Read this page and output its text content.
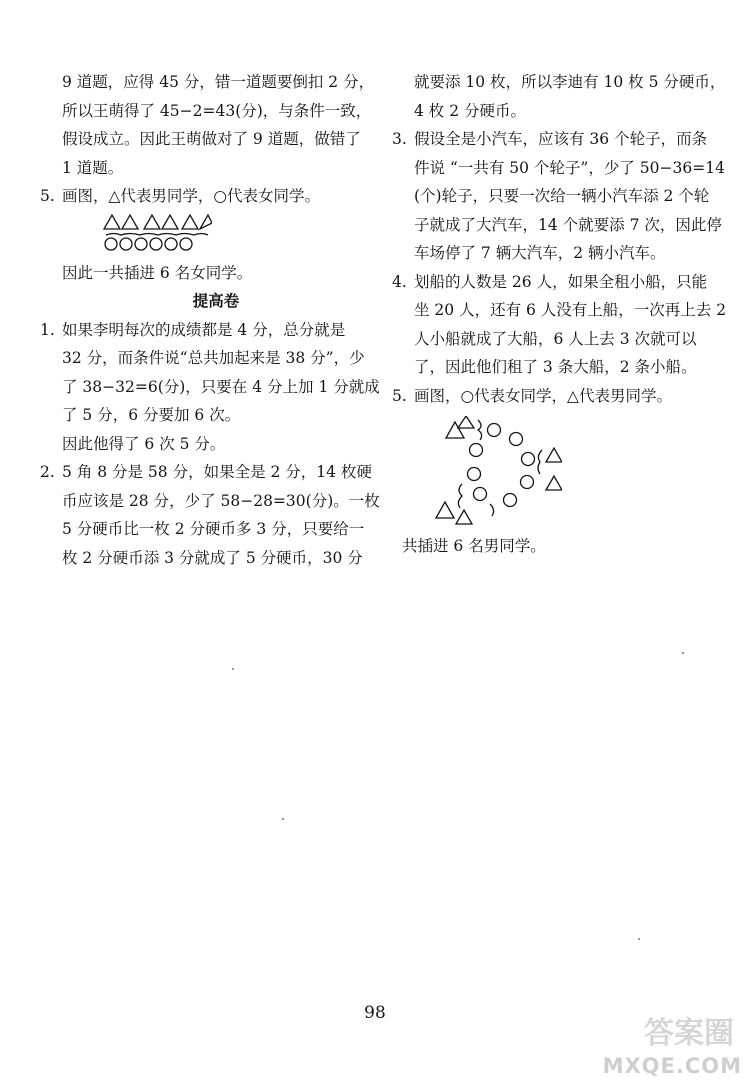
9 道题，应得 45 分，错一道题要倒扣 2 分，
所以王萌得了 45−2=43(分)，与条件一致，
假设成立。因此王萌做对了 9 道题，做错了
1 道题。

5. 画图，△代表男同学，○代表女同学。

因此一共插进 6 名女同学。

提高卷

1. 如果李明每次的成绩都是 4 分，总分就是
32 分，而条件说“总共加起来是 38 分”，少
了 38−32=6(分)，只要在 4 分上加 1 分就成
了 5 分，6 分要加 6 次。

因此他得了 6 次 5 分。

2. 5 角 8 分是 58 分，如果全是 2 分，14 枚硬
币应该是 28 分，少了 58−28=30(分)。一枚
5 分硬币比一枚 2 分硬币多 3 分，只要给一
枚 2 分硬币添 3 分就成了 5 分硬币，30 分

就要添 10 枚，所以李迪有 10 枚 5 分硬币，
4 枚 2 分硬币。

3. 假设全是小汽车，应该有 36 个轮子，而条
件说 “一共有 50 个轮子”，少了 50−36=14
(个)轮子，只要一次给一辆小汽车添 2 个轮
子就成了大汽车，14 个就要添 7 次，因此停
车场停了 7 辆大汽车，2 辆小汽车。

4. 划船的人数是 26 人，如果全租小船，只能
坐 20 人，还有 6 人没有上船，一次再上去 2
人小船就成了大船，6 人上去 3 次就可以
了，因此他们租了 3 条大船，2 条小船。

5. 画图，○代表女同学，△代表男同学。

共插进 6 名男同学。

98
答案圈
MXQE.COM
